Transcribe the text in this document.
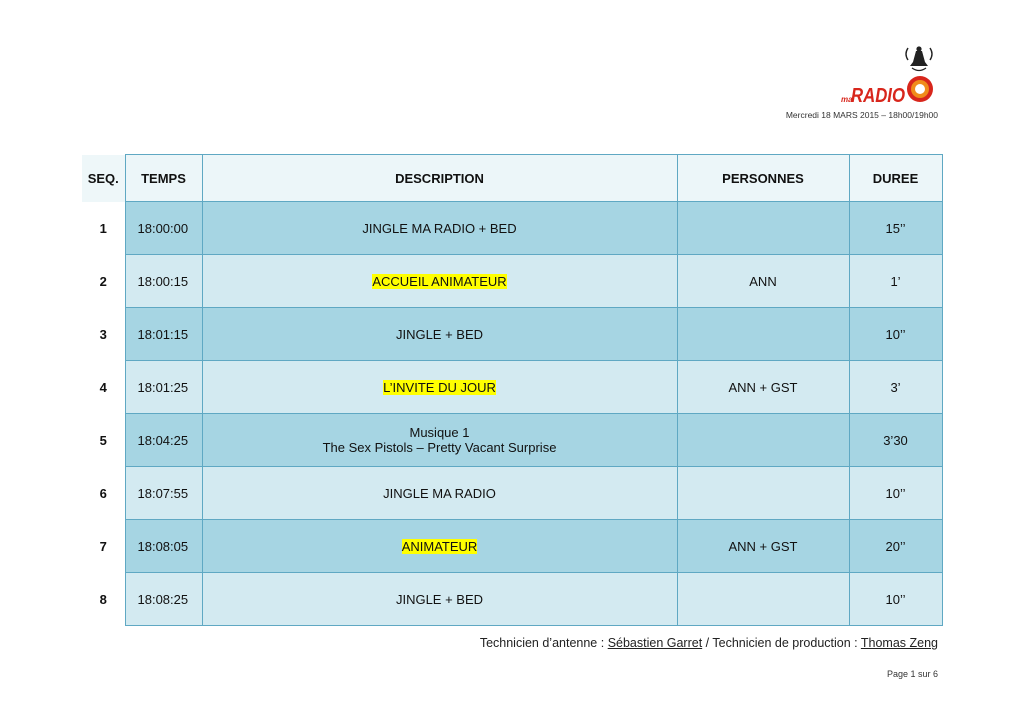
ma
RADIO
Mercredi 18 MARS 2015 – 18h00/19h00
SEQ.	TEMPS	DESCRIPTION	PERSONNES	DUREE
1	18:00:00	JINGLE MA RADIO + BED		15’’
2	18:00:15	ACCUEIL ANIMATEUR	ANN	1’
3	18:01:15	JINGLE + BED		10’’
4	18:01:25	L’INVITE DU JOUR	ANN + GST	3’
5	18:04:25	Musique 1
The Sex Pistols – Pretty Vacant Surprise		3’30
6	18:07:55	JINGLE MA RADIO		10’’
7	18:08:05	ANIMATEUR	ANN + GST	20’’
8	18:08:25	JINGLE + BED		10’’
Technicien d’antenne : Sébastien Garret / Technicien de production : Thomas Zeng
Page 1 sur 6
